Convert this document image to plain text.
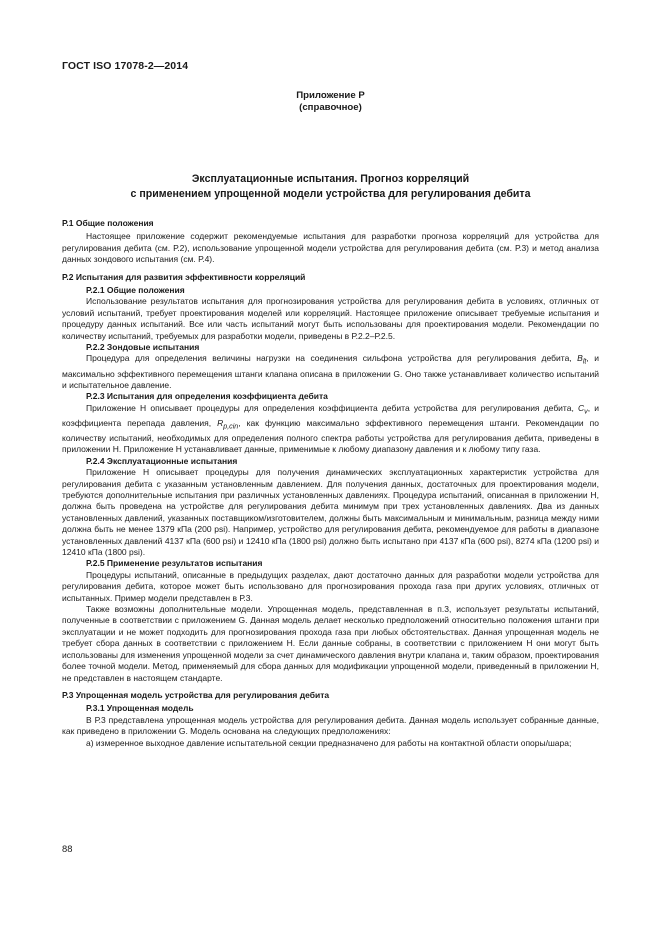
ГОСТ ISO 17078-2—2014
Приложение Р
(справочное)
Эксплуатационные испытания. Прогноз корреляций
с применением упрощенной модели устройства для регулирования дебита
Р.1 Общие положения

Настоящее приложение содержит рекомендуемые испытания для разработки прогноза корреляций для устройства для регулирования дебита (см. Р.2), использование упрощенной модели устройства для регулирования дебита (см. Р.3) и метод анализа данных зондового испытания (см. Р.4).

Р.2 Испытания для развития эффективности корреляций
Р.2.1 Общие положения

Использование результатов испытания для прогнозирования устройства для регулирования дебита в условиях, отличных от условий испытаний, требует проектирования моделей или корреляций. Настоящее приложение описывает требуемые испытания и процедуру данных испытаний. Все или часть испытаний могут быть использованы для проектирования модели. Рекомендации по количеству испытаний, требуемых для разработки модели, приведены в Р.2.2–Р.2.5.

Р.2.2 Зондовые испытания

Процедура для определения величины нагрузки на соединения сильфона устройства для регулирования дебита, $B_{lt}$, и максимально эффективного перемещения штанги клапана описана в приложении G. Оно также устанавливает количество испытаний и испытательное давление.

Р.2.3 Испытания для определения коэффициента дебита

Приложение Н описывает процедуры для определения коэффициента дебита устройства для регулирования дебита, $C_v$, и коэффициента перепада давления, $R_{p,cin}$, как функцию максимально эффективного перемещения штанги. Рекомендации по количеству испытаний, необходимых для определения полного спектра работы устройства для регулирования дебита, приведены в приложении Н. Приложение Н устанавливает данные, применимые к любому диапазону давления и к любому типу газа.

Р.2.4 Эксплуатационные испытания

Приложение Н описывает процедуры для получения динамических эксплуатационных характеристик устройства для регулирования дебита с указанным установленным давлением. Для получения данных, достаточных для проектирования модели, требуются дополнительные испытания при различных установленных давлениях. Процедура испытаний, описанная в приложении Н, должна быть проведена на устройстве для регулирования дебита минимум при трех установленных давлениях. Два из данных установленных давлений, указанных поставщиком/изготовителем, должны быть максимальным и минимальным, разница между ними должна быть не менее 1379 кПа (200 psi). Например, устройство для регулирования дебита, рекомендуемое для работы в диапазоне установленных давлений 4137 кПа (600 psi) и 12410 кПа (1800 psi) должно быть испытано при 4137 кПа (600 psi), 8274 кПа (1200 psi) и 12410 кПа (1800 psi).

Р.2.5 Применение результатов испытания

Процедуры испытаний, описанные в предыдущих разделах, дают достаточно данных для разработки модели устройства для регулирования дебита, которое может быть использовано для прогнозирования прохода газа при других условиях, отличных от испытанных. Пример модели представлен в Р.3.

Также возможны дополнительные модели. Упрощенная модель, представленная в п.3, использует результаты испытаний, полученные в соответствии с приложением G. Данная модель делает несколько предположений относительно положения штанги при эксплуатации и не может подходить для прогнозирования прохода газа при любых обстоятельствах. Данная упрощенная модель не требует сбора данных в соответствии с приложением Н. Если данные собраны, в соответствии с приложением Н они могут быть использованы для изменения упрощенной модели за счет динамического давления внутри клапана и, таким образом, проектирования более точной модели. Метод, применяемый для сбора данных для модификации упрощенной модели, приведенный в приложении Н, не представлен в настоящем стандарте.

Р.3 Упрощенная модель устройства для регулирования дебита
Р.3.1 Упрощенная модель

В Р.3 представлена упрощенная модель устройства для регулирования дебита. Данная модель использует собранные данные, как приведено в приложении G. Модель основана на следующих предположениях:

а) измеренное выходное давление испытательной секции предназначено для работы на контактной области опоры/шара;

88
